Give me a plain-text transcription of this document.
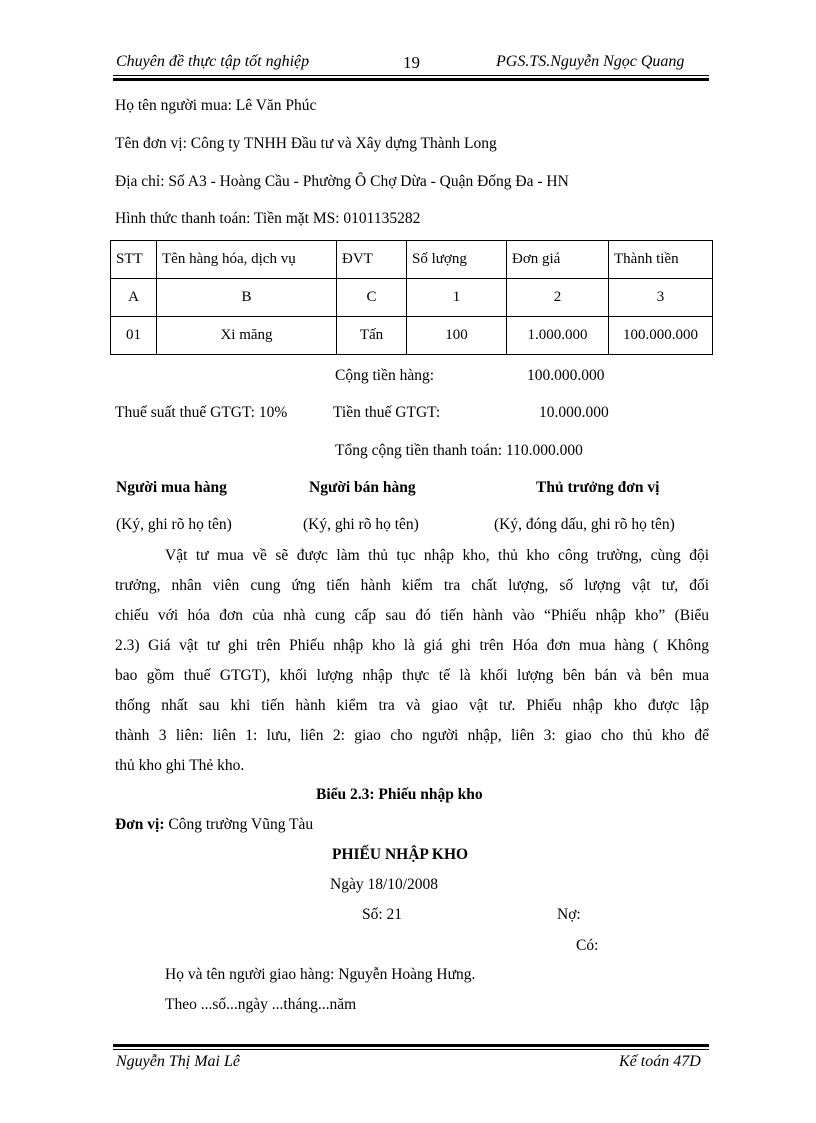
Chuyên đề thực tập tốt nghiệp	19	PGS.TS.Nguyễn Ngọc Quang
Họ tên người mua: Lê Văn Phúc
Tên đơn vị: Công ty TNHH Đầu tư và Xây dựng Thành Long
Địa chỉ: Số A3 - Hoàng Cầu - Phường Ô Chợ Dừa - Quận Đống Đa - HN
Hình thức thanh toán: Tiền mặt MS: 0101135282
STT	Tên hàng hóa, dịch vụ	ĐVT	Số lượng	Đơn giá	Thành tiền
A	B	C	1	2	3
01	Xi măng	Tấn	100	1.000.000	100.000.000
Cộng tiền hàng:	100.000.000
Thuế suất thuế GTGT: 10%	Tiền thuế GTGT:	10.000.000
Tổng cộng tiền thanh toán: 110.000.000
Người mua hàng	Người bán hàng	Thủ trưởng đơn vị
(Ký, ghi rõ họ tên)	(Ký, ghi rõ họ tên)	(Ký, đóng dấu, ghi rõ họ tên)
Vật tư mua về sẽ được làm thủ tục nhập kho, thủ kho công trường, cùng đội
trưởng, nhân viên cung ứng tiến hành kiểm tra chất lượng, số lượng vật tư, đối
chiếu với hóa đơn của nhà cung cấp sau đó tiến hành vào “Phiếu nhập kho” (Biểu
2.3) Giá vật tư ghi trên Phiếu nhập kho là giá ghi trên Hóa đơn mua hàng ( Không
bao gồm thuế GTGT), khối lượng nhập thực tế là khối lượng bên bán và bên mua
thống nhất sau khi tiến hành kiểm tra và giao vật tư. Phiếu nhập kho được lập
thành 3 liên: liên 1: lưu, liên 2: giao cho người nhập, liên 3: giao cho thủ kho để
thủ kho ghi Thẻ kho.
Biểu 2.3: Phiếu nhập kho
Đơn vị: Công trường Vũng Tàu
PHIẾU NHẬP KHO
Ngày 18/10/2008
Số: 21	Nợ:
Có:
Họ và tên người giao hàng: Nguyễn Hoàng Hưng.
Theo ...số...ngày ...tháng...năm
Nguyễn Thị Mai Lê	Kế toán 47D
